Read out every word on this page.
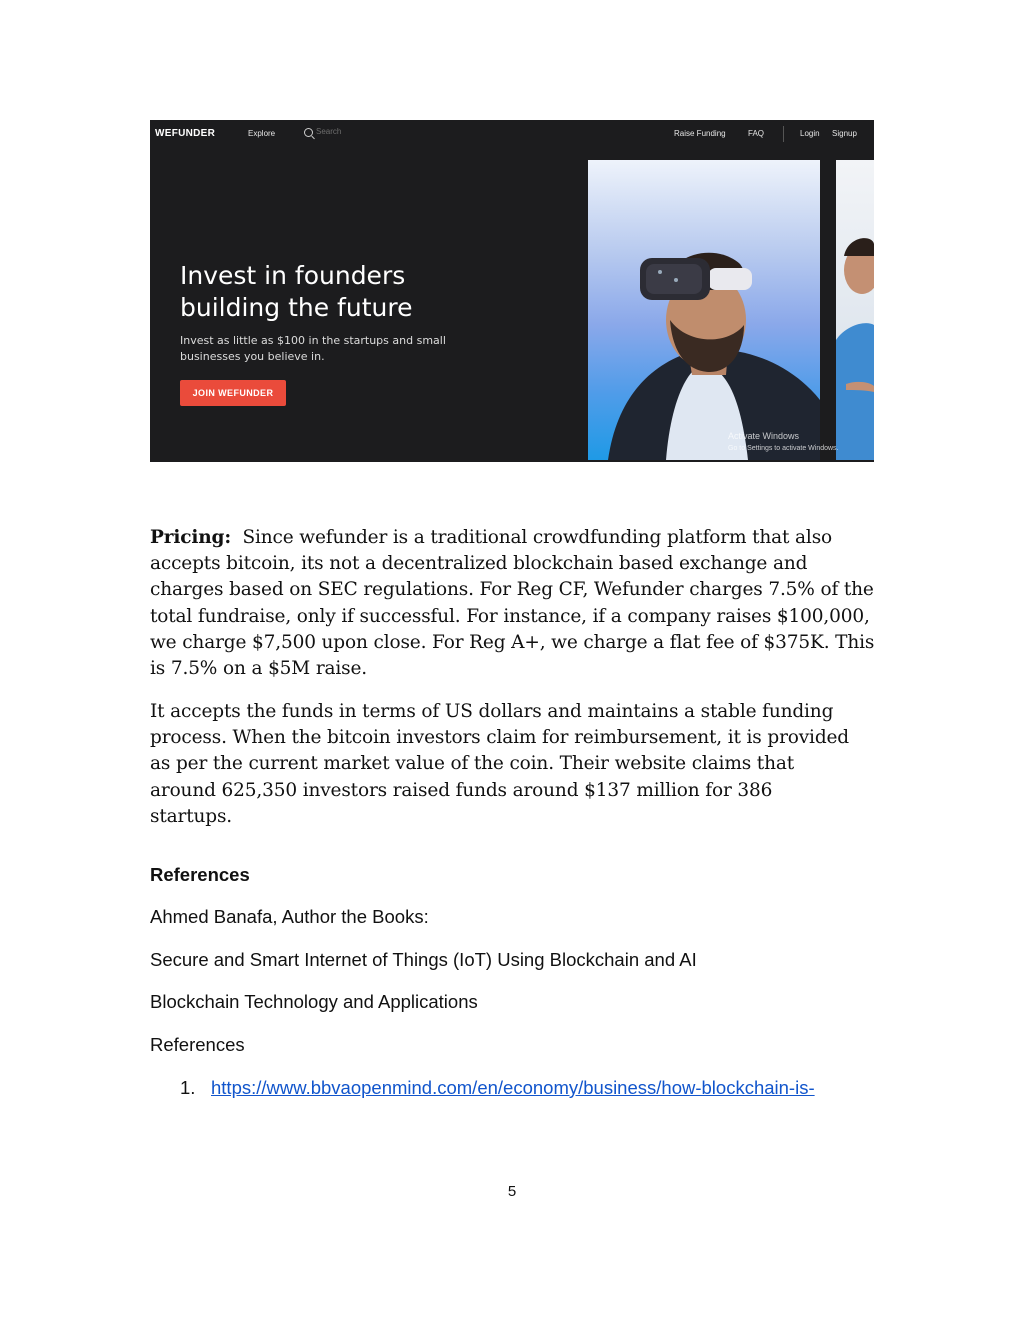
WEFUNDER	Explore
Search	Raise Funding	FAQ	Login Signup
Invest in founders
building the future
Invest as little as $100 in the startups and small businesses you believe in.
JOIN WEFUNDER
Activate Windows
Go to Settings to activate Windows.

Pricing: Since wefunder is a traditional crowdfunding platform that also accepts bitcoin, its not a decentralized blockchain based exchange and charges based on SEC regulations. For Reg CF, Wefunder charges 7.5% of the total fundraise, only if successful. For instance, if a company raises $100,000, we charge $7,500 upon close. For Reg A+, we charge a flat fee of $375K. This is 7.5% on a $5M raise.

It accepts the funds in terms of US dollars and maintains a stable funding process. When the bitcoin investors claim for reimbursement, it is provided as per the current market value of the coin. Their website claims that around 625,350 investors raised funds around $137 million for 386 startups.

References

Ahmed Banafa, Author the Books:

Secure and Smart Internet of Things (IoT) Using Blockchain and AI

Blockchain Technology and Applications

References

1. https://www.bbvaopenmind.com/en/economy/business/how-blockchain-is-
5
